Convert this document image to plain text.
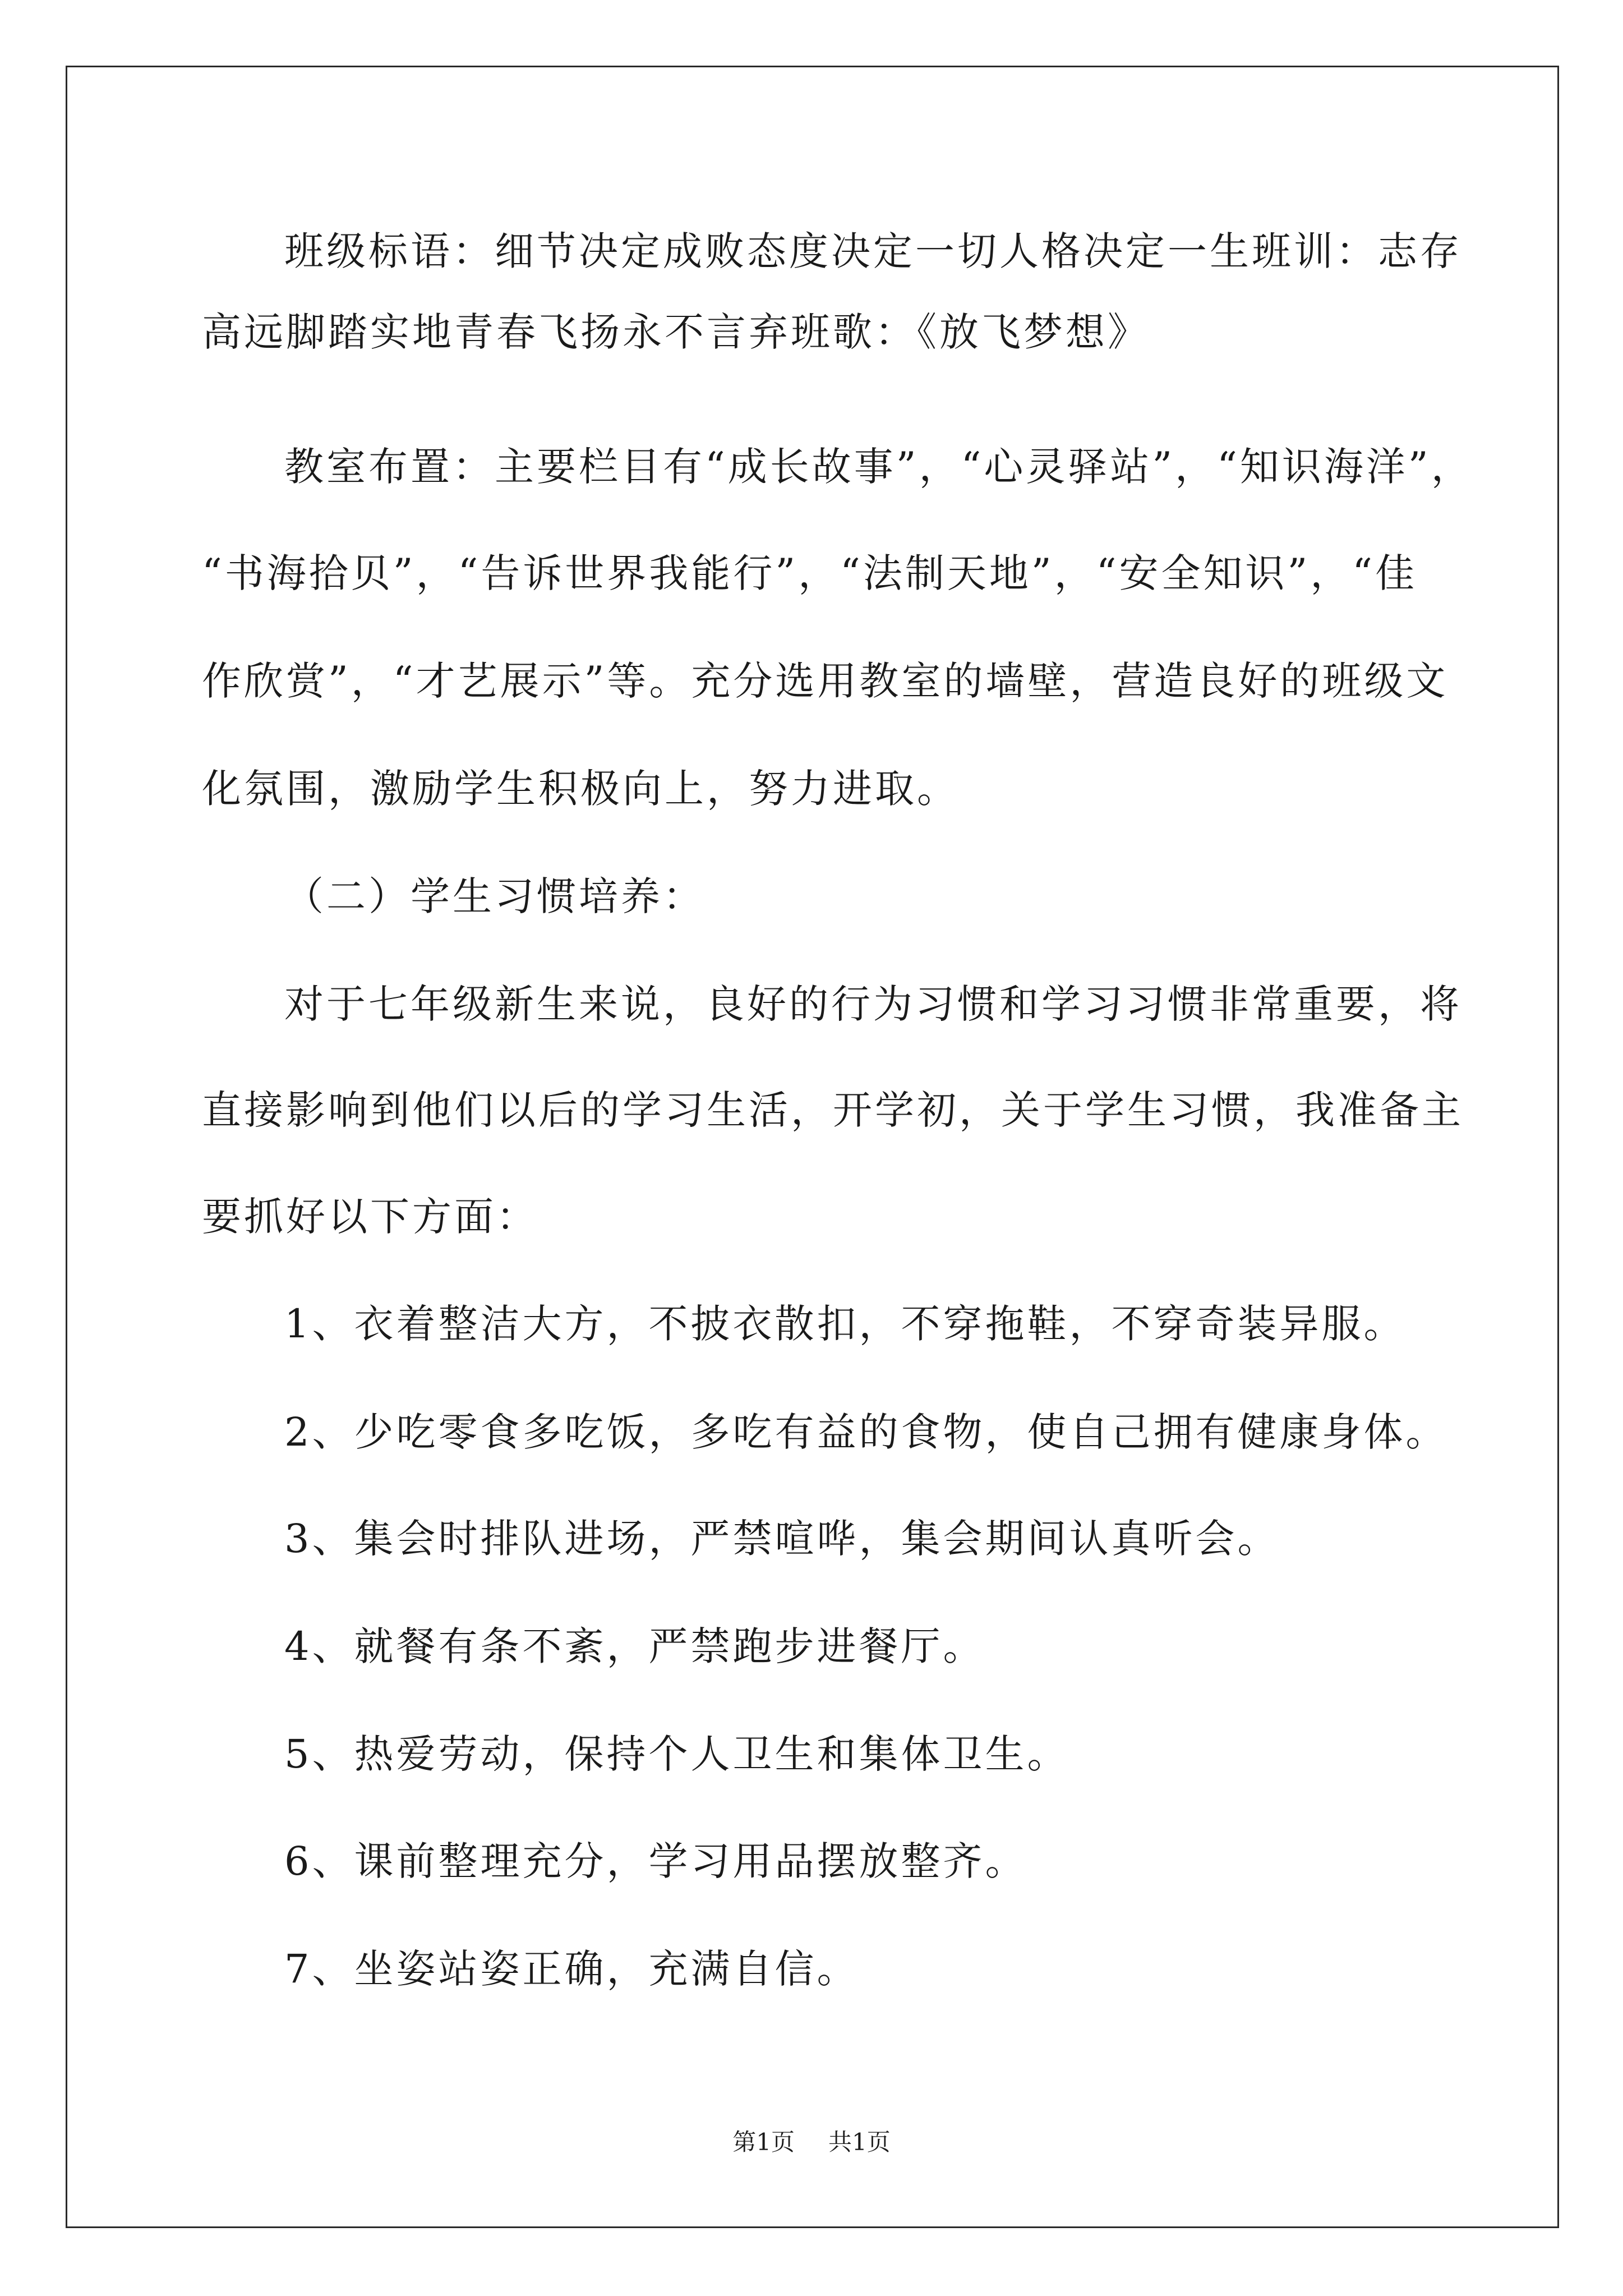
班级标语：细节决定成败态度决定一切人格决定一生班训：志存
高远脚踏实地青春飞扬永不言弃班歌：《放飞梦想》
教室布置：主要栏目有“成长故事”，“心灵驿站”，“知识海洋”，
“书海拾贝”，“告诉世界我能行”，“法制天地”，“安全知识”，“佳
作欣赏”，“才艺展示”等。充分选用教室的墙壁，营造良好的班级文
化氛围，激励学生积极向上，努力进取。
（二）学生习惯培养：
对于七年级新生来说，良好的行为习惯和学习习惯非常重要，将
直接影响到他们以后的学习生活，开学初，关于学生习惯，我准备主
要抓好以下方面：
1、衣着整洁大方，不披衣散扣，不穿拖鞋，不穿奇装异服。
2、少吃零食多吃饭，多吃有益的食物，使自己拥有健康身体。
3、集会时排队进场，严禁喧哗，集会期间认真听会。
4、就餐有条不紊，严禁跑步进餐厅。
5、热爱劳动，保持个人卫生和集体卫生。
6、课前整理充分，学习用品摆放整齐。
7、坐姿站姿正确，充满自信。
第1页 共1页
